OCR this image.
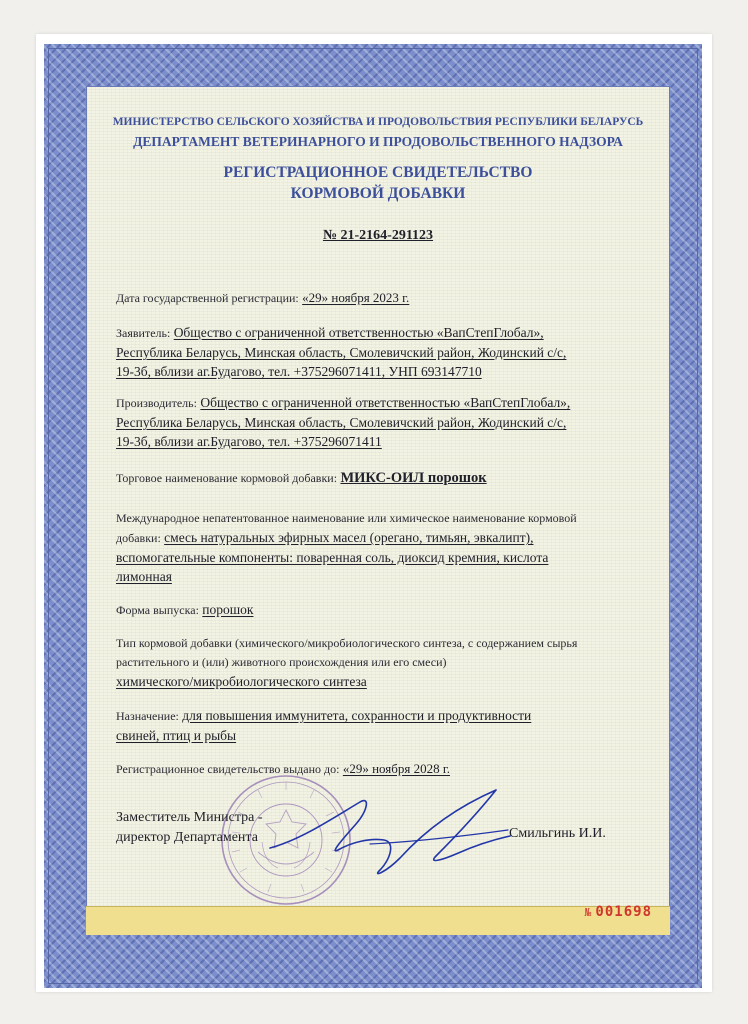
МИНИСТЕРСТВО СЕЛЬСКОГО ХОЗЯЙСТВА И ПРОДОВОЛЬСТВИЯ РЕСПУБЛИКИ БЕЛАРУСЬ
ДЕПАРТАМЕНТ ВЕТЕРИНАРНОГО И ПРОДОВОЛЬСТВЕННОГО НАДЗОРА
РЕГИСТРАЦИОННОЕ СВИДЕТЕЛЬСТВО
КОРМОВОЙ ДОБАВКИ
№ 21-2164-291123
Дата государственной регистрации: «29» ноября 2023 г.
Заявитель: Общество с ограниченной ответственностью «ВапСтепГлобал»,
Республика Беларусь, Минская область, Смолевичский район, Жодинский с/с,
19-3б, вблизи аг.Будагово, тел. +375296071411, УНП 693147710
Производитель: Общество с ограниченной ответственностью «ВапСтепГлобал»,
Республика Беларусь, Минская область, Смолевичский район, Жодинский с/с,
19-3б, вблизи аг.Будагово, тел. +375296071411
Торговое наименование кормовой добавки: МИКС-ОИЛ порошок
Международное непатентованное наименование или химическое наименование кормовой
добавки: смесь натуральных эфирных масел (орегано, тимьян, эвкалипт),
вспомогательные компоненты: поваренная соль, диоксид кремния, кислота
лимонная
Форма выпуска: порошок
Тип кормовой добавки (химического/микробиологического синтеза, с содержанием сырья
растительного и (или) животного происхождения или его смеси)
химического/микробиологического синтеза
Назначение: для повышения иммунитета, сохранности и продуктивности
свиней, птиц и рыбы
Регистрационное свидетельство выдано до: «29» ноября 2028 г.
Заместитель Министра -
директор Департамента	Смильгинь И.И.
№ 001698
